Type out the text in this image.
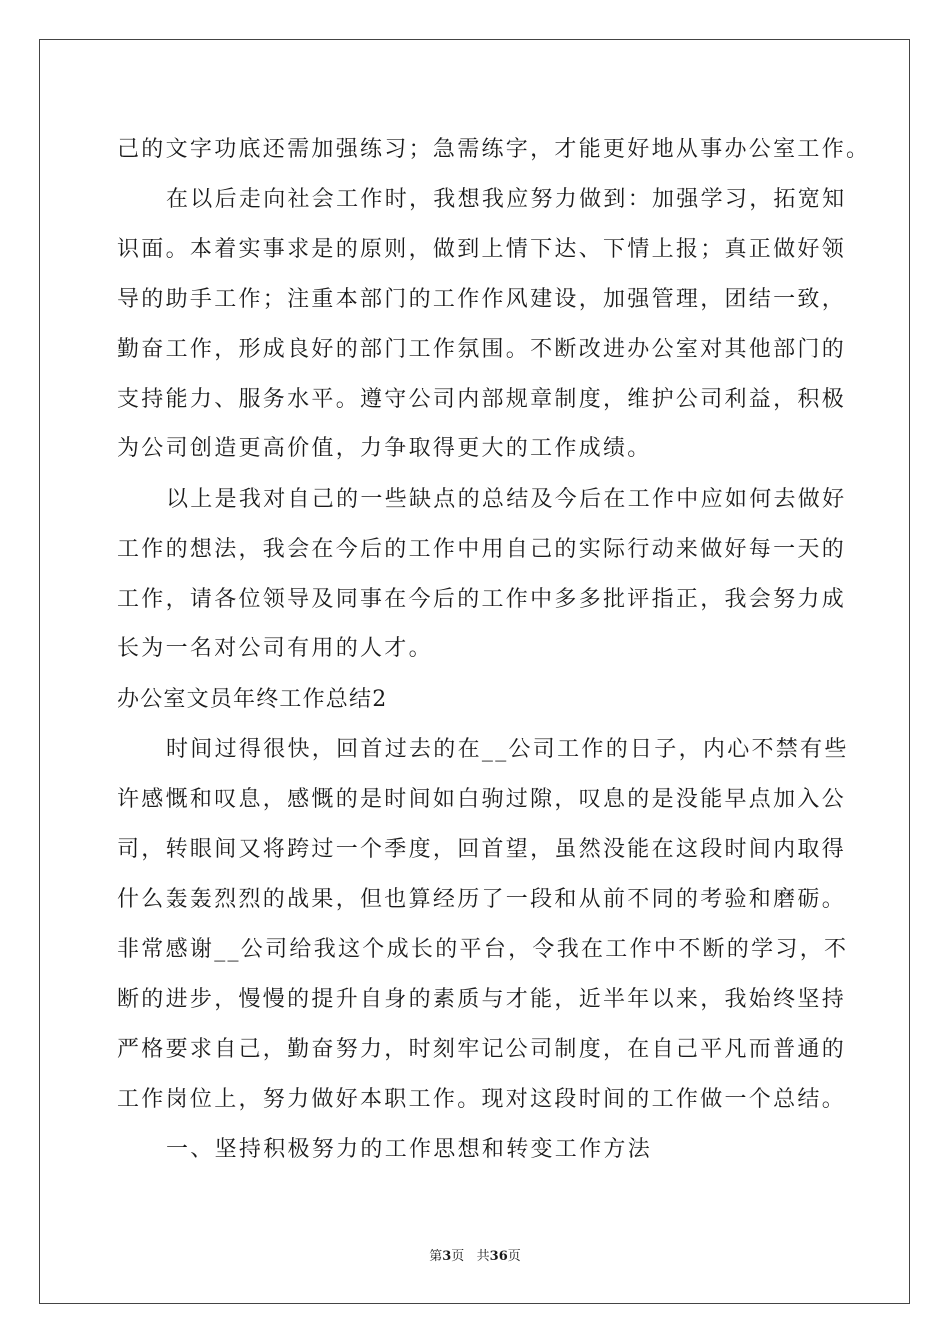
己的文字功底还需加强练习；急需练字，才能更好地从事办公室工作。
在以后走向社会工作时，我想我应努力做到：加强学习，拓宽知
识面。本着实事求是的原则，做到上情下达、下情上报；真正做好领
导的助手工作；注重本部门的工作作风建设，加强管理，团结一致，
勤奋工作，形成良好的部门工作氛围。不断改进办公室对其他部门的
支持能力、服务水平。遵守公司内部规章制度，维护公司利益，积极
为公司创造更高价值，力争取得更大的工作成绩。
以上是我对自己的一些缺点的总结及今后在工作中应如何去做好
工作的想法，我会在今后的工作中用自己的实际行动来做好每一天的
工作，请各位领导及同事在今后的工作中多多批评指正，我会努力成
长为一名对公司有用的人才。
办公室文员年终工作总结2
时间过得很快，回首过去的在__公司工作的日子，内心不禁有些
许感慨和叹息，感慨的是时间如白驹过隙，叹息的是没能早点加入公
司，转眼间又将跨过一个季度，回首望，虽然没能在这段时间内取得
什么轰轰烈烈的战果，但也算经历了一段和从前不同的考验和磨砺。
非常感谢__公司给我这个成长的平台，令我在工作中不断的学习，不
断的进步，慢慢的提升自身的素质与才能，近半年以来，我始终坚持
严格要求自己，勤奋努力，时刻牢记公司制度，在自己平凡而普通的
工作岗位上，努力做好本职工作。现对这段时间的工作做一个总结。
一、坚持积极努力的工作思想和转变工作方法
第3页   共36页
